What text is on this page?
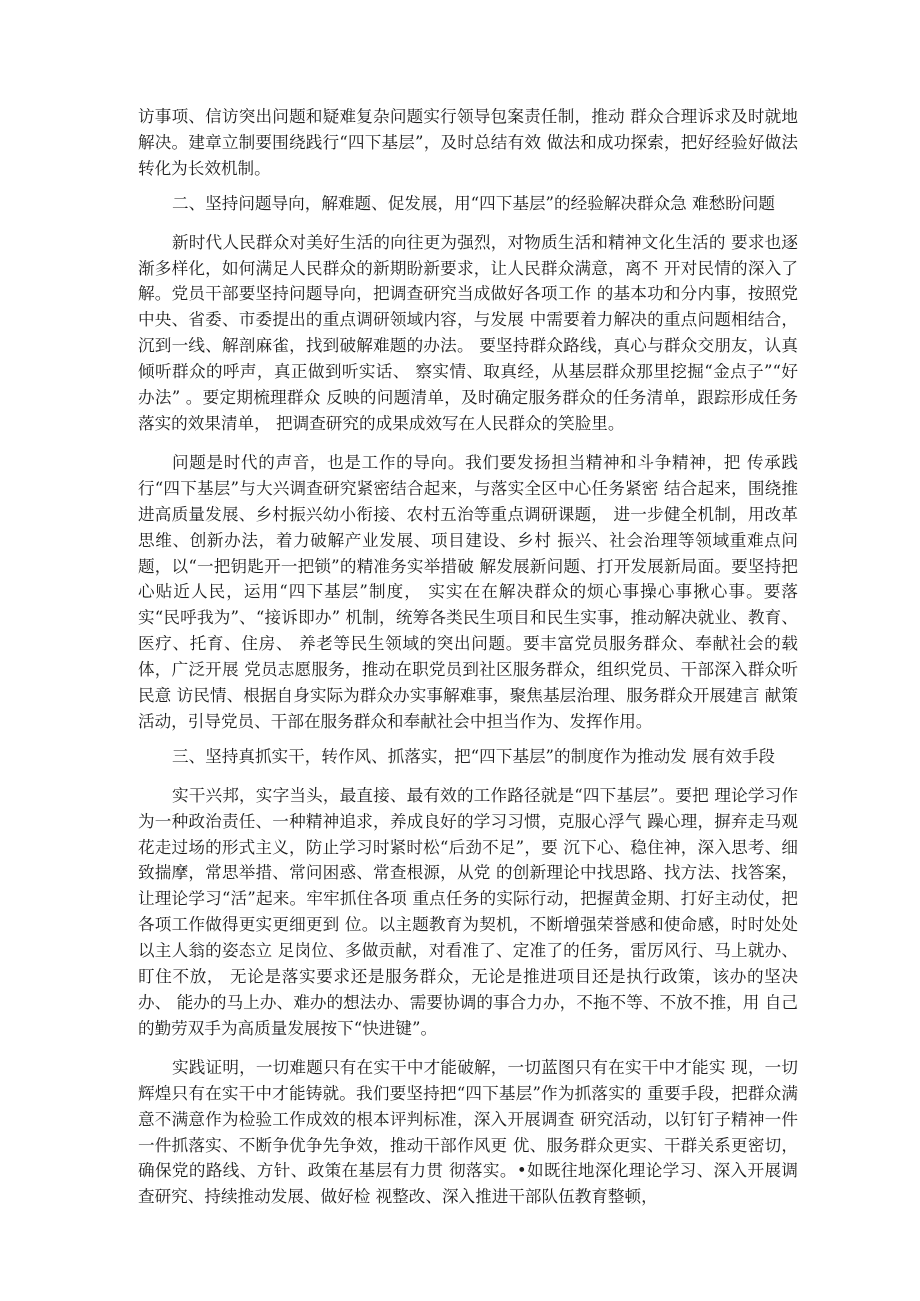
访事项、信访突出问题和疑难复杂问题实行领导包案责任制，推动 群众合理诉求及时就地解决。建章立制要围绕践行“四下基层”，及时总结有效 做法和成功探索，把好经验好做法转化为长效机制。

二、坚持问题导向，解难题、促发展，用“四下基层”的经验解决群众急 难愁盼问题

新时代人民群众对美好生活的向往更为强烈，对物质生活和精神文化生活的 要求也逐渐多样化，如何满足人民群众的新期盼新要求，让人民群众满意，离不 开对民情的深入了解。党员干部要坚持问题导向，把调查研究当成做好各项工作 的基本功和分内事，按照党中央、省委、市委提出的重点调研领域内容，与发展 中需要着力解决的重点问题相结合，沉到一线、解剖麻雀，找到破解难题的办法。 要坚持群众路线，真心与群众交朋友，认真倾听群众的呼声，真正做到听实话、 察实情、取真经，从基层群众那里挖掘“金点子”“好办法” 。要定期梳理群众 反映的问题清单，及时确定服务群众的任务清单，跟踪形成任务落实的效果清单， 把调查研究的成果成效写在人民群众的笑脸里。

问题是时代的声音，也是工作的导向。我们要发扬担当精神和斗争精神，把 传承践行“四下基层”与大兴调查研究紧密结合起来，与落实全区中心任务紧密 结合起来，围绕推进高质量发展、乡村振兴幼小衔接、农村五治等重点调研课题， 进一步健全机制，用改革思维、创新办法，着力破解产业发展、项目建设、乡村 振兴、社会治理等领域重难点问题，以“一把钥匙开一把锁”的精准务实举措破 解发展新问题、打开发展新局面。要坚持把心贴近人民，运用“四下基层”制度， 实实在在解决群众的烦心事操心事揪心事。要落实“民呼我为”、“接诉即办” 机制，统筹各类民生项目和民生实事，推动解决就业、教育、医疗、托育、住房、 养老等民生领域的突出问题。要丰富党员服务群众、奉献社会的载体，广泛开展 党员志愿服务，推动在职党员到社区服务群众，组织党员、干部深入群众听民意 访民情、根据自身实际为群众办实事解难事，聚焦基层治理、服务群众开展建言 献策活动，引导党员、干部在服务群众和奉献社会中担当作为、发挥作用。

三、坚持真抓实干，转作风、抓落实，把“四下基层”的制度作为推动发 展有效手段

实干兴邦，实字当头，最直接、最有效的工作路径就是“四下基层”。要把 理论学习作为一种政治责任、一种精神追求，养成良好的学习习惯，克服心浮气 躁心理，摒弃走马观花走过场的形式主义，防止学习时紧时松“后劲不足”，要 沉下心、稳住神，深入思考、细致揣摩，常思举措、常问困惑、常查根源，从党 的创新理论中找思路、找方法、找答案，让理论学习“活”起来。牢牢抓住各项 重点任务的实际行动，把握黄金期、打好主动仗，把各项工作做得更实更细更到 位。以主题教育为契机，不断增强荣誉感和使命感，时时处处以主人翁的姿态立 足岗位、多做贡献，对看准了、定准了的任务，雷厉风行、马上就办、盯住不放， 无论是落实要求还是服务群众，无论是推进项目还是执行政策，该办的坚决办、 能办的马上办、难办的想法办、需要协调的事合力办，不拖不等、不放不推，用 自己的勤劳双手为高质量发展按下“快进键”。

实践证明，一切难题只有在实干中才能破解，一切蓝图只有在实干中才能实 现，一切辉煌只有在实干中才能铸就。我们要坚持把“四下基层”作为抓落实的 重要手段，把群众满意不满意作为检验工作成效的根本评判标准，深入开展调查 研究活动，以钉钉子精神一件一件抓落实、不断争优争先争效，推动干部作风更 优、服务群众更实、干群关系更密切，确保党的路线、方针、政策在基层有力贯 彻落实。•如既往地深化理论学习、深入开展调查研究、持续推动发展、做好检 视整改、深入推进干部队伍教育整顿，
